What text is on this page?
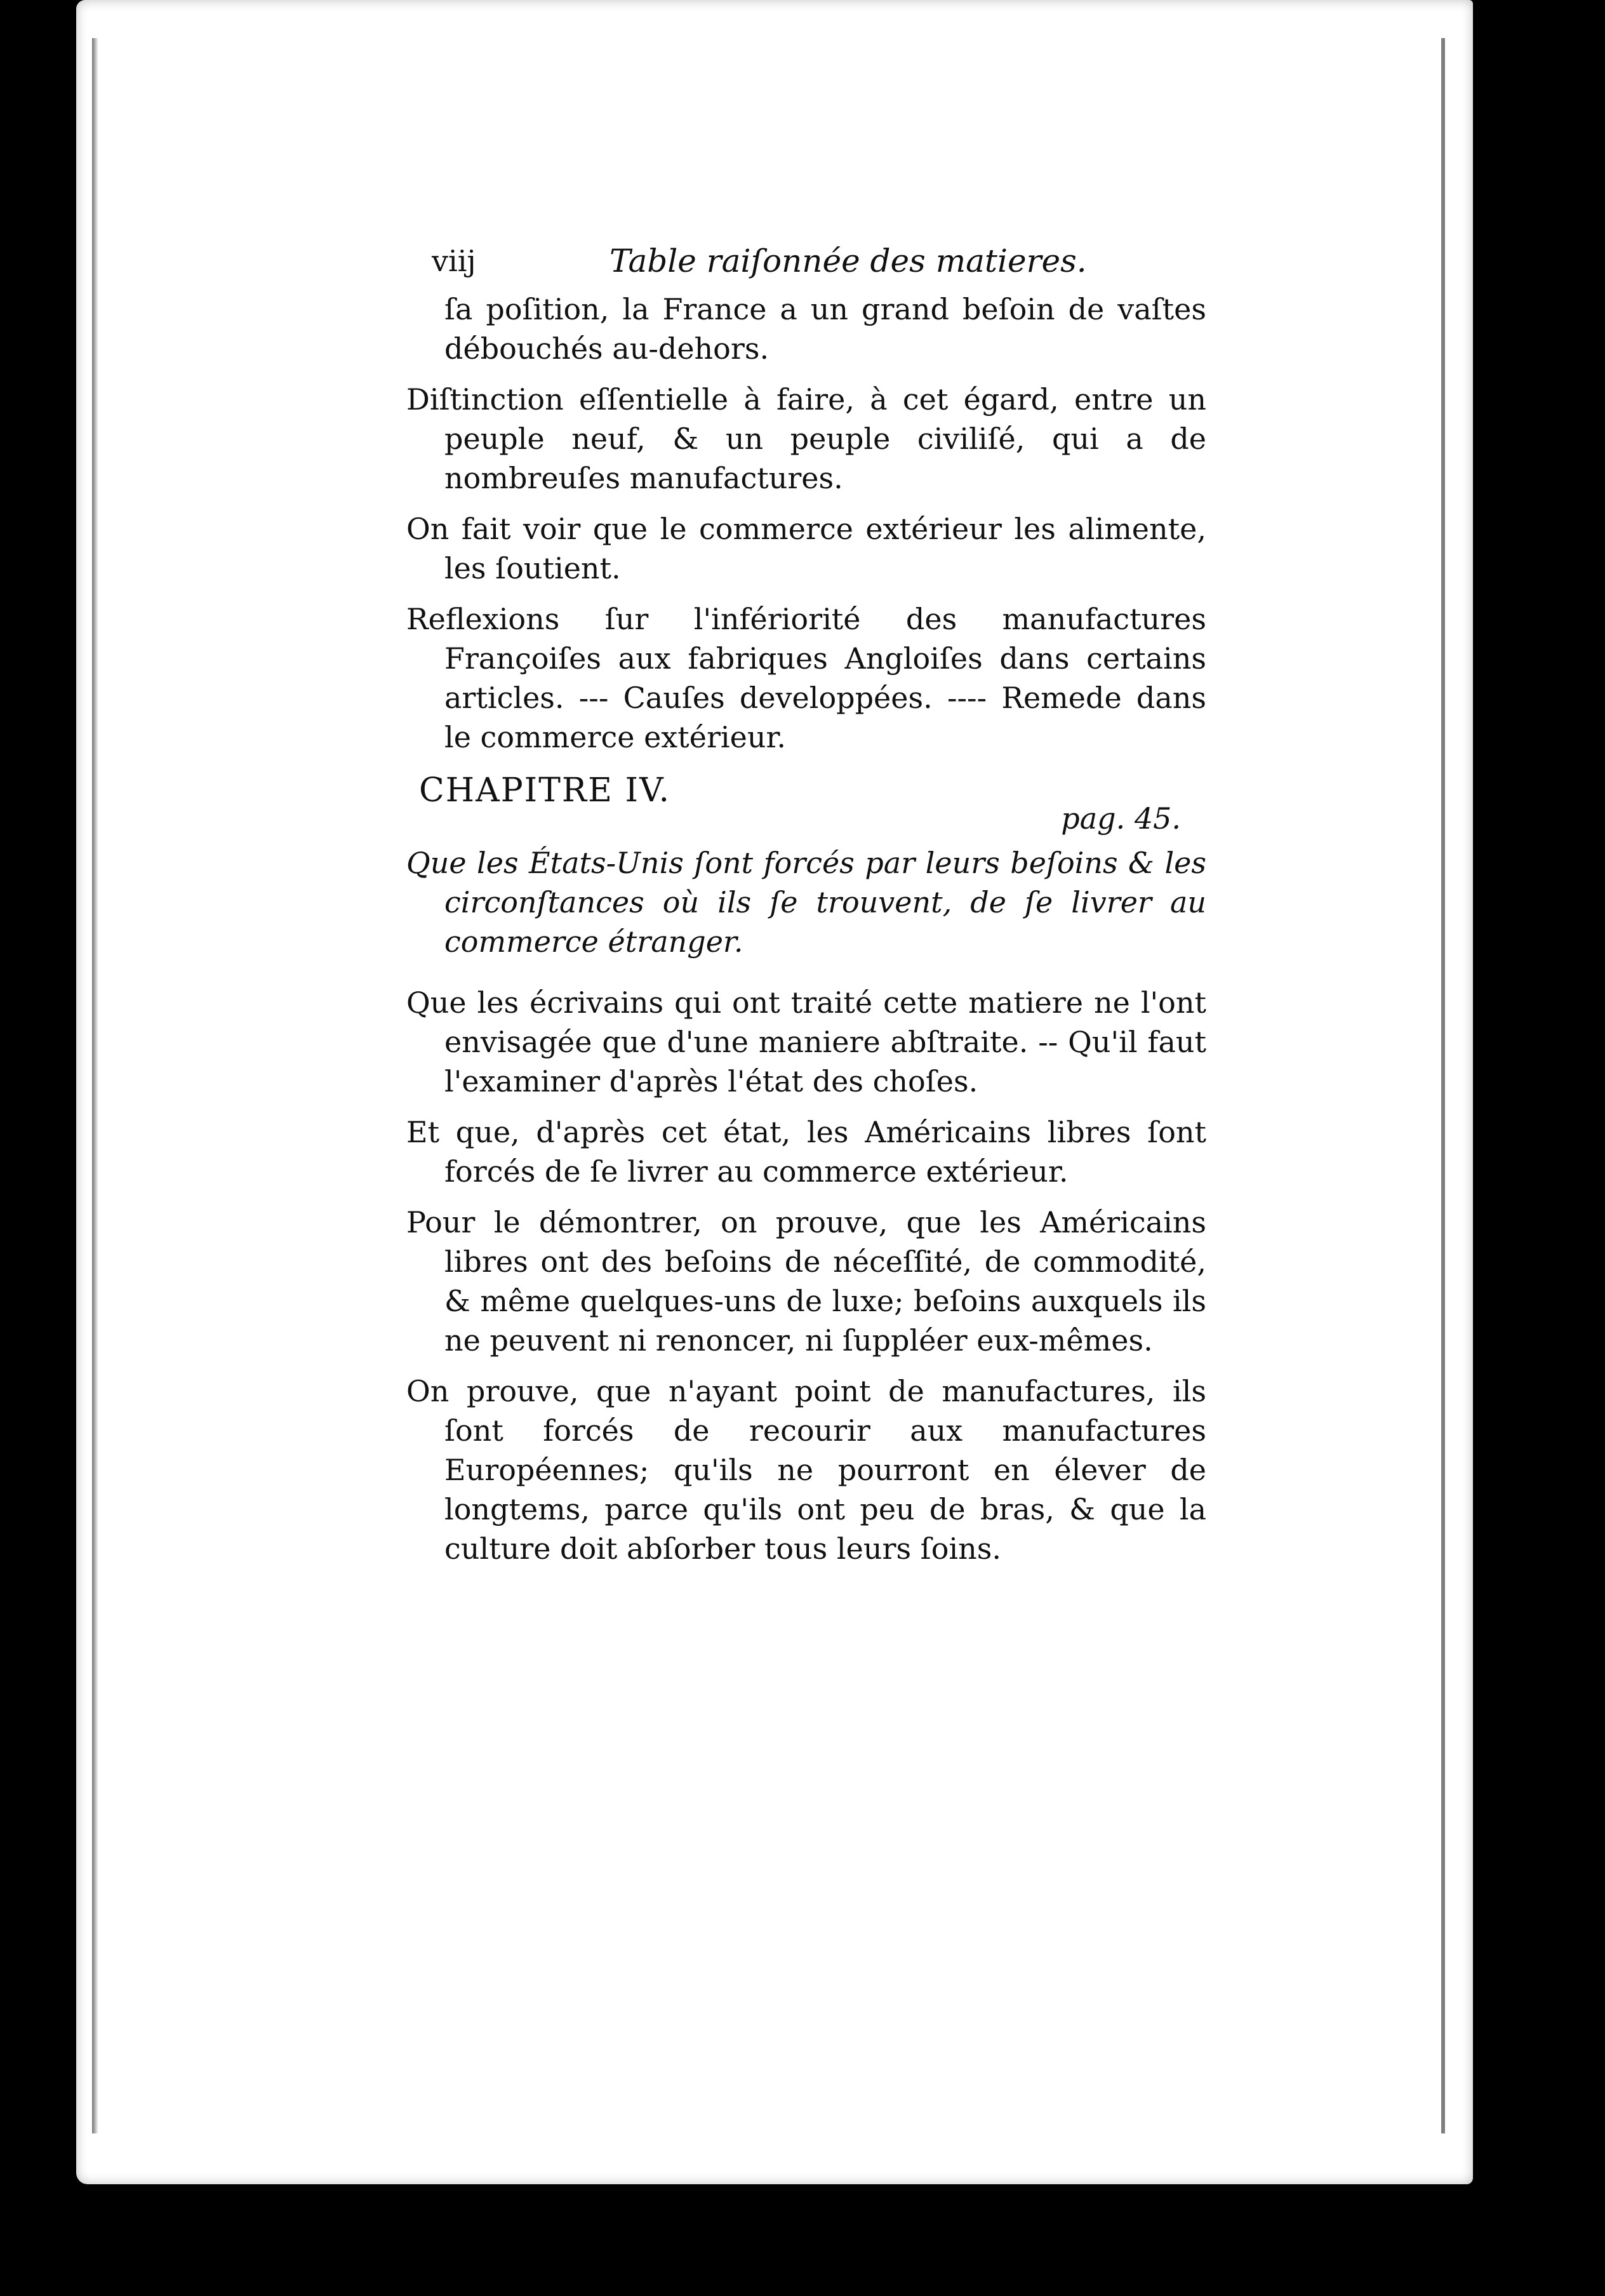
viij	Table raiſonnée des matieres.

ſa poſition, la France a un grand beſoin de vaſtes débouchés au-dehors.

Diſtinction eſſentielle à faire, à cet égard, entre un peuple neuf, & un peuple civiliſé, qui a de nombreuſes manufactures.

On fait voir que le commerce extérieur les alimente, les ſoutient.

Reflexions ſur l'infériorité des manufactures Françoiſes aux fabriques Angloiſes dans certains articles. --- Cauſes developpées. ---- Remede dans le commerce extérieur.

CHAPITRE IV.
pag. 45.

Que les États-Unis ſont forcés par leurs beſoins & les circonſtances où ils ſe trouvent, de ſe livrer au commerce étranger.

Que les écrivains qui ont traité cette matiere ne l'ont envisagée que d'une maniere abſtraite. -- Qu'il faut l'examiner d'après l'état des choſes.

Et que, d'après cet état, les Américains libres ſont forcés de ſe livrer au commerce extérieur.

Pour le démontrer, on prouve, que les Américains libres ont des beſoins de néceſſité, de commodité, & même quelques-uns de luxe; beſoins auxquels ils ne peuvent ni renoncer, ni ſuppléer eux-mêmes.

On prouve, que n'ayant point de manufactures, ils ſont forcés de recourir aux manufactures Européennes; qu'ils ne pourront en élever de longtems, parce qu'ils ont peu de bras, & que la culture doit abſorber tous leurs ſoins.
